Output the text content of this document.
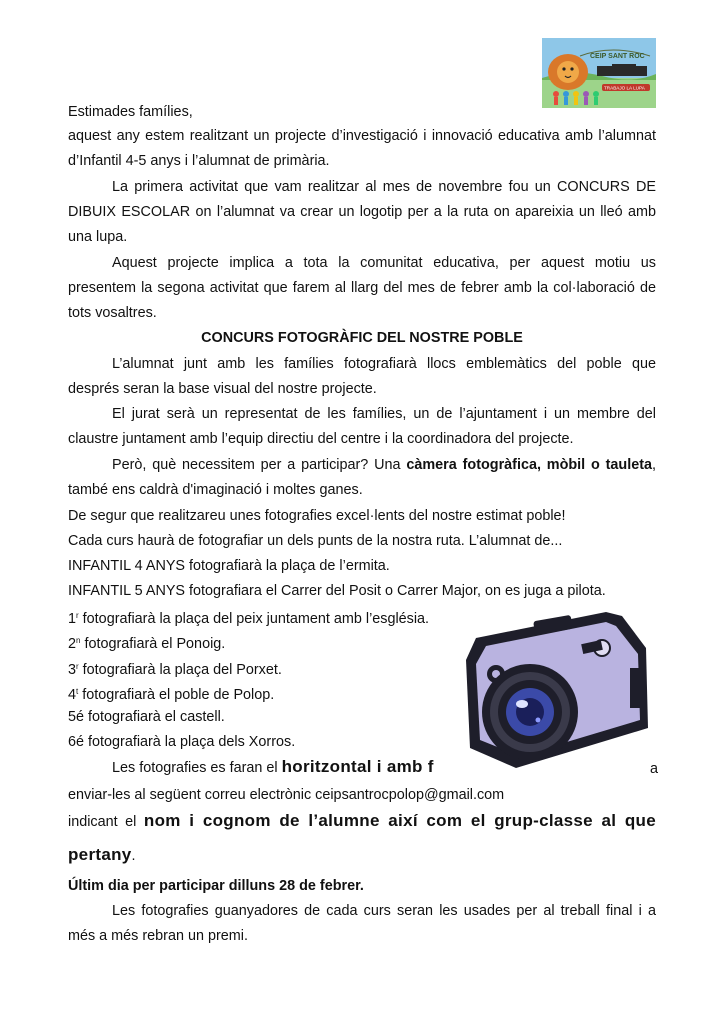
CEIP SANT ROC
TRABAJO LA LUPA
Estimades famílies,
aquest any estem realitzant un projecte d’investigació i innovació educativa amb l’alumnat
d’Infantil 4-5 anys i l’alumnat de primària.
La primera activitat que vam realitzar al mes de novembre fou un CONCURS DE
DIBUIX ESCOLAR on l’alumnat va crear un logotip per a la ruta on apareixia un lleó amb
una lupa.
Aquest projecte implica a tota la comunitat educativa, per aquest motiu us
presentem la segona activitat que farem al llarg del mes de febrer amb la col·laboració de
tots vosaltres.
CONCURS FOTOGRÀFIC DEL NOSTRE POBLE
L’alumnat junt amb les famílies fotografiarà llocs emblemàtics del poble que
després seran la base visual del nostre projecte.
El jurat serà un representat de les famílies, un de l’ajuntament i un membre del
claustre juntament amb l’equip directiu del centre i la coordinadora del projecte.
Però, què necessitem per a participar? Una càmera fotogràfica, mòbil o tauleta,
també ens caldrà d'imaginació i moltes ganes.
De segur que realitzareu unes fotografies excel·lents del nostre estimat poble!
Cada curs haurà de fotografiar un dels punts de la nostra ruta. L’alumnat de...
INFANTIL 4 ANYS fotografiarà la plaça de l’ermita.
INFANTIL 5 ANYS fotografiara el Carrer del Posit o Carrer Major, on es juga a pilota.
1$^r$ fotografiarà la plaça del peix juntament amb l’església.
2$^n$ fotografiarà el Ponoig.
3$^r$ fotografiarà la plaça del Porxet.
4$^t$ fotografiarà el poble de Polop.
5é fotografiarà el castell.
6é fotografiarà la plaça dels Xorros.
Les fotografies es faran el horitzontal i amb f	a
enviar-les al següent correu electrònic ceipsantrocpolop@gmail.com
indicant el nom i cognom de l’alumne així com el grup-classe al que
pertany.
Últim dia per participar dilluns 28 de febrer.
Les fotografies guanyadores de cada curs seran les usades per al treball final i a
més a més rebran un premi.
